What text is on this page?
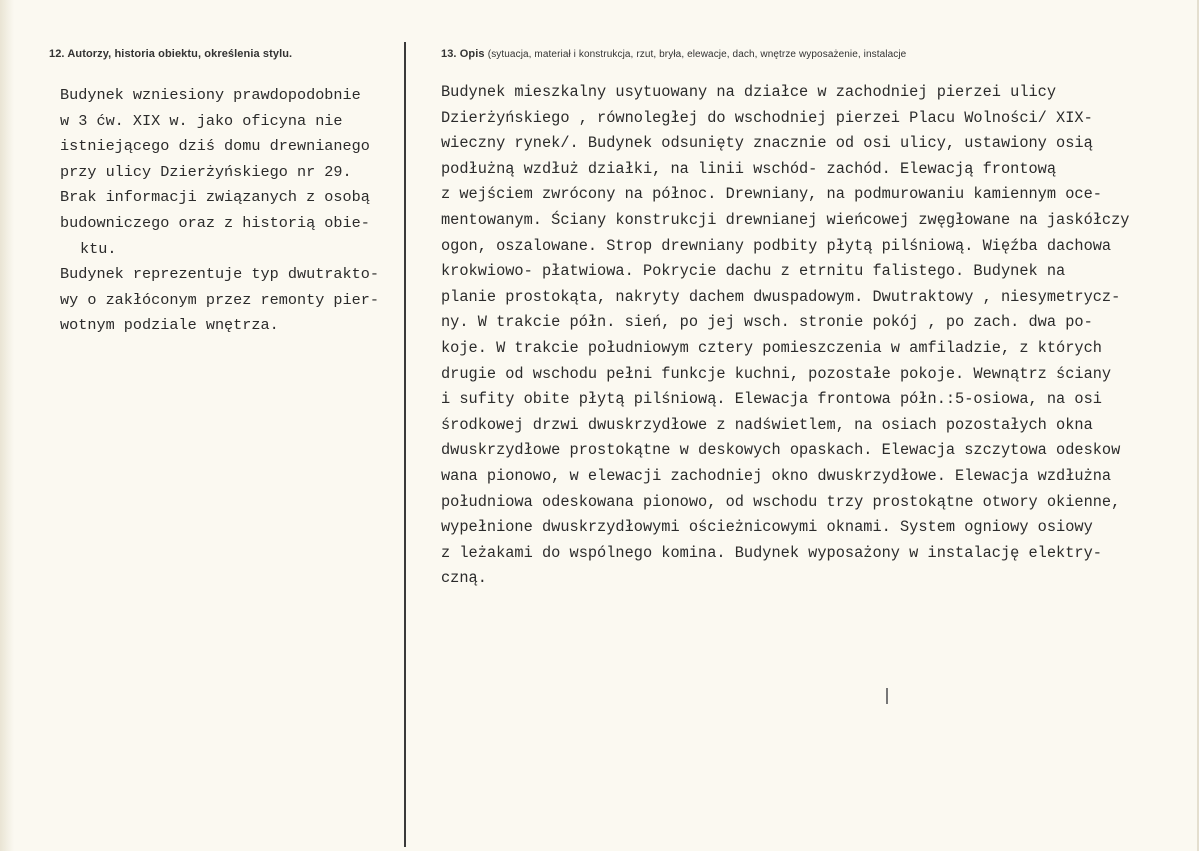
12. Autorzy, historia obiektu, określenia stylu.	13. Opis (sytuacja, materiał i konstrukcja, rzut, bryła, elewacje, dach, wnętrze wyposażenie, instalacje
Budynek wzniesiony prawdopodobnie
w 3 ćw. XIX w. jako oficyna nie
istniejącego dziś domu drewnianego
przy ulicy Dzierżyńskiego nr 29.
Brak informacji związanych z osobą
budowniczego oraz z historią obie-
ktu.
Budynek reprezentuje typ dwutrakto-
wy o zakłóconym przez remonty pier-
wotnym podziale wnętrza.
Budynek mieszkalny usytuowany na działce w zachodniej pierzei ulicy
Dzierżyńskiego , równoległej do wschodniej pierzei Placu Wolności/ XIX-
wieczny rynek/. Budynek odsunięty znacznie od osi ulicy, ustawiony osią
podłużną wzdłuż działki, na linii wschód- zachód. Elewacją frontową
z wejściem zwrócony na północ. Drewniany, na podmurowaniu kamiennym oce-
mentowanym. Ściany konstrukcji drewnianej wieńcowej zwęgłowane na jaskółczy
ogon, oszalowane. Strop drewniany podbity płytą pilśniową. Więźba dachowa
krokwiowo- płatwiowa. Pokrycie dachu z etrnitu falistego. Budynek na
planie prostokąta, nakryty dachem dwuspadowym. Dwutraktowy , niesymetrycz-
ny. W trakcie półn. sień, po jej wsch. stronie pokój , po zach. dwa po-
koje. W trakcie południowym cztery pomieszczenia w amfiladzie, z których
drugie od wschodu pełni funkcje kuchni, pozostałe pokoje. Wewnątrz ściany
i sufity obite płytą pilśniową. Elewacja frontowa półn.:5-osiowa, na osi
środkowej drzwi dwuskrzydłowe z nadświetlem, na osiach pozostałych okna
dwuskrzydłowe prostokątne w deskowych opaskach. Elewacja szczytowa odeskow
wana pionowo, w elewacji zachodniej okno dwuskrzydłowe. Elewacja wzdłużna
południowa odeskowana pionowo, od wschodu trzy prostokątne otwory okienne,
wypełnione dwuskrzydłowymi ościeżnicowymi oknami. System ogniowy osiowy
z leżakami do wspólnego komina. Budynek wyposażony w instalację elektry-
czną.
